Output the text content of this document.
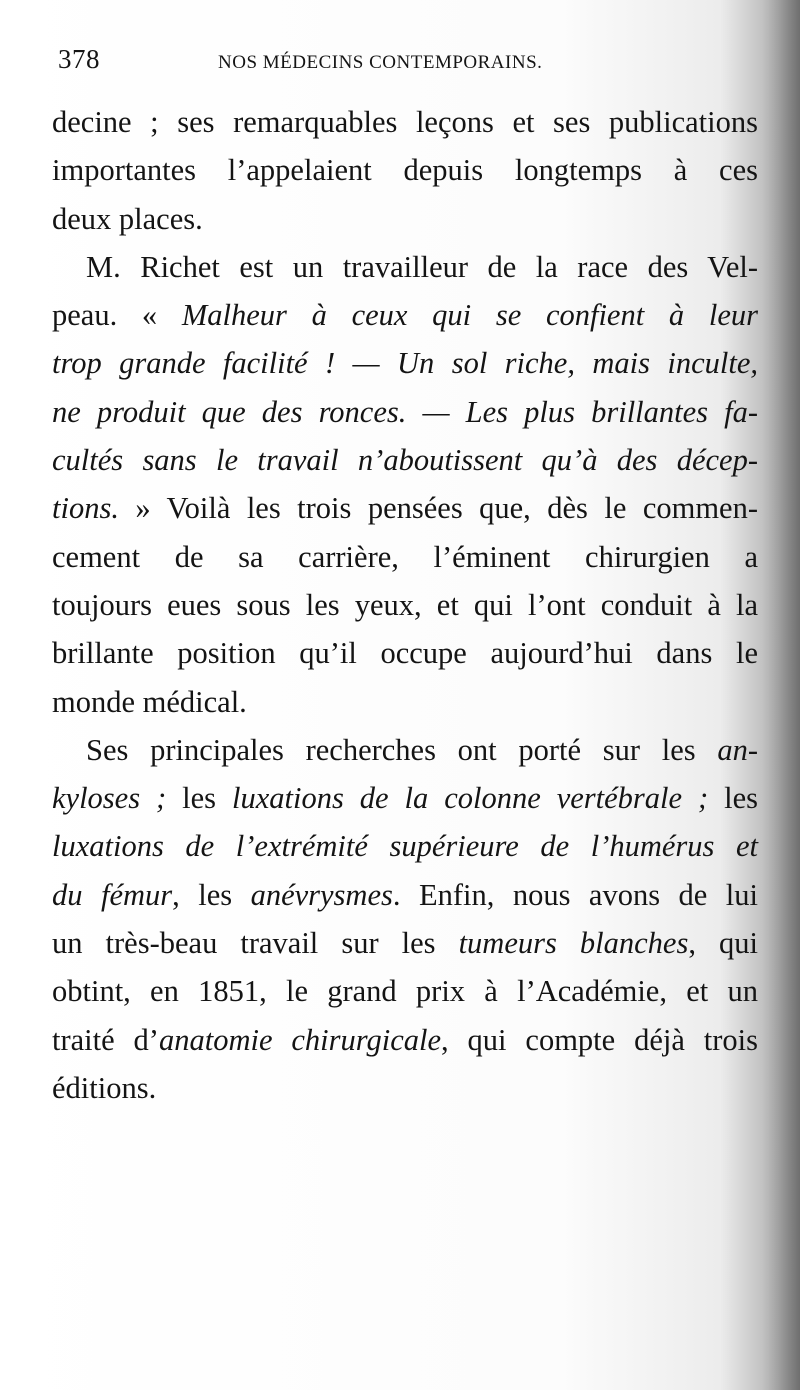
378	NOS MÉDECINS CONTEMPORAINS.
decine ; ses remarquables leçons et ses publications
importantes l’appelaient depuis longtemps à ces
deux places.
M. Richet est un travailleur de la race des Vel-
peau. « Malheur à ceux qui se confient à leur
trop grande facilité ! — Un sol riche, mais inculte,
ne produit que des ronces. — Les plus brillantes fa-
cultés sans le travail n’aboutissent qu’à des décep-
tions. » Voilà les trois pensées que, dès le commen-
cement de sa carrière, l’éminent chirurgien a
toujours eues sous les yeux, et qui l’ont conduit à la
brillante position qu’il occupe aujourd’hui dans le
monde médical.
Ses principales recherches ont porté sur les an-
kyloses ; les luxations de la colonne vertébrale ; les
luxations de l’extrémité supérieure de l’humérus et
du fémur, les anévrysmes. Enfin, nous avons de lui
un très-beau travail sur les tumeurs blanches, qui
obtint, en 1851, le grand prix à l’Académie, et un
traité d’anatomie chirurgicale, qui compte déjà trois
éditions.
